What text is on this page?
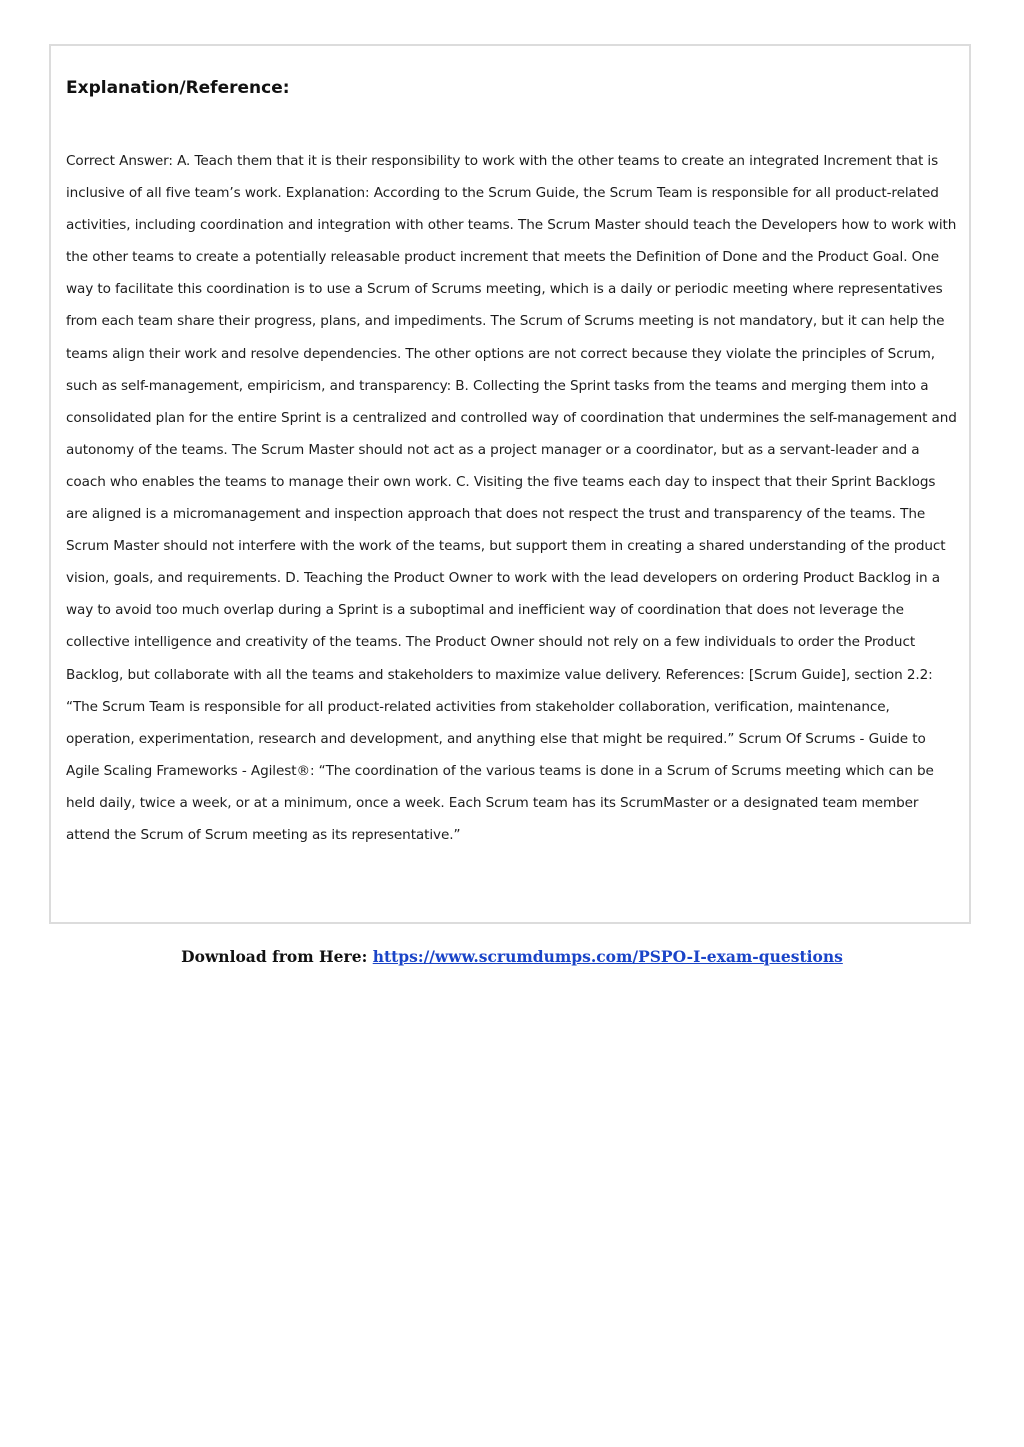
Explanation/Reference:

Correct Answer: A. Teach them that it is their responsibility to work with the other teams to create an integrated Increment that is inclusive of all five team’s work. Explanation: According to the Scrum Guide, the Scrum Team is responsible for all product-related activities, including coordination and integration with other teams. The Scrum Master should teach the Developers how to work with the other teams to create a potentially releasable product increment that meets the Definition of Done and the Product Goal. One way to facilitate this coordination is to use a Scrum of Scrums meeting, which is a daily or periodic meeting where representatives from each team share their progress, plans, and impediments. The Scrum of Scrums meeting is not mandatory, but it can help the teams align their work and resolve dependencies. The other options are not correct because they violate the principles of Scrum, such as self-management, empiricism, and transparency: B. Collecting the Sprint tasks from the teams and merging them into a consolidated plan for the entire Sprint is a centralized and controlled way of coordination that undermines the self-management and autonomy of the teams. The Scrum Master should not act as a project manager or a coordinator, but as a servant-leader and a coach who enables the teams to manage their own work. C. Visiting the five teams each day to inspect that their Sprint Backlogs are aligned is a micromanagement and inspection approach that does not respect the trust and transparency of the teams. The Scrum Master should not interfere with the work of the teams, but support them in creating a shared understanding of the product vision, goals, and requirements. D. Teaching the Product Owner to work with the lead developers on ordering Product Backlog in a way to avoid too much overlap during a Sprint is a suboptimal and inefficient way of coordination that does not leverage the collective intelligence and creativity of the teams. The Product Owner should not rely on a few individuals to order the Product Backlog, but collaborate with all the teams and stakeholders to maximize value delivery. References: [Scrum Guide], section 2.2: “The Scrum Team is responsible for all product-related activities from stakeholder collaboration, verification, maintenance, operation, experimentation, research and development, and anything else that might be required.” Scrum Of Scrums - Guide to Agile Scaling Frameworks - Agilest®: “The coordination of the various teams is done in a Scrum of Scrums meeting which can be held daily, twice a week, or at a minimum, once a week. Each Scrum team has its ScrumMaster or a designated team member attend the Scrum of Scrum meeting as its representative.”

Download from Here: https://www.scrumdumps.com/PSPO-I-exam-questions
